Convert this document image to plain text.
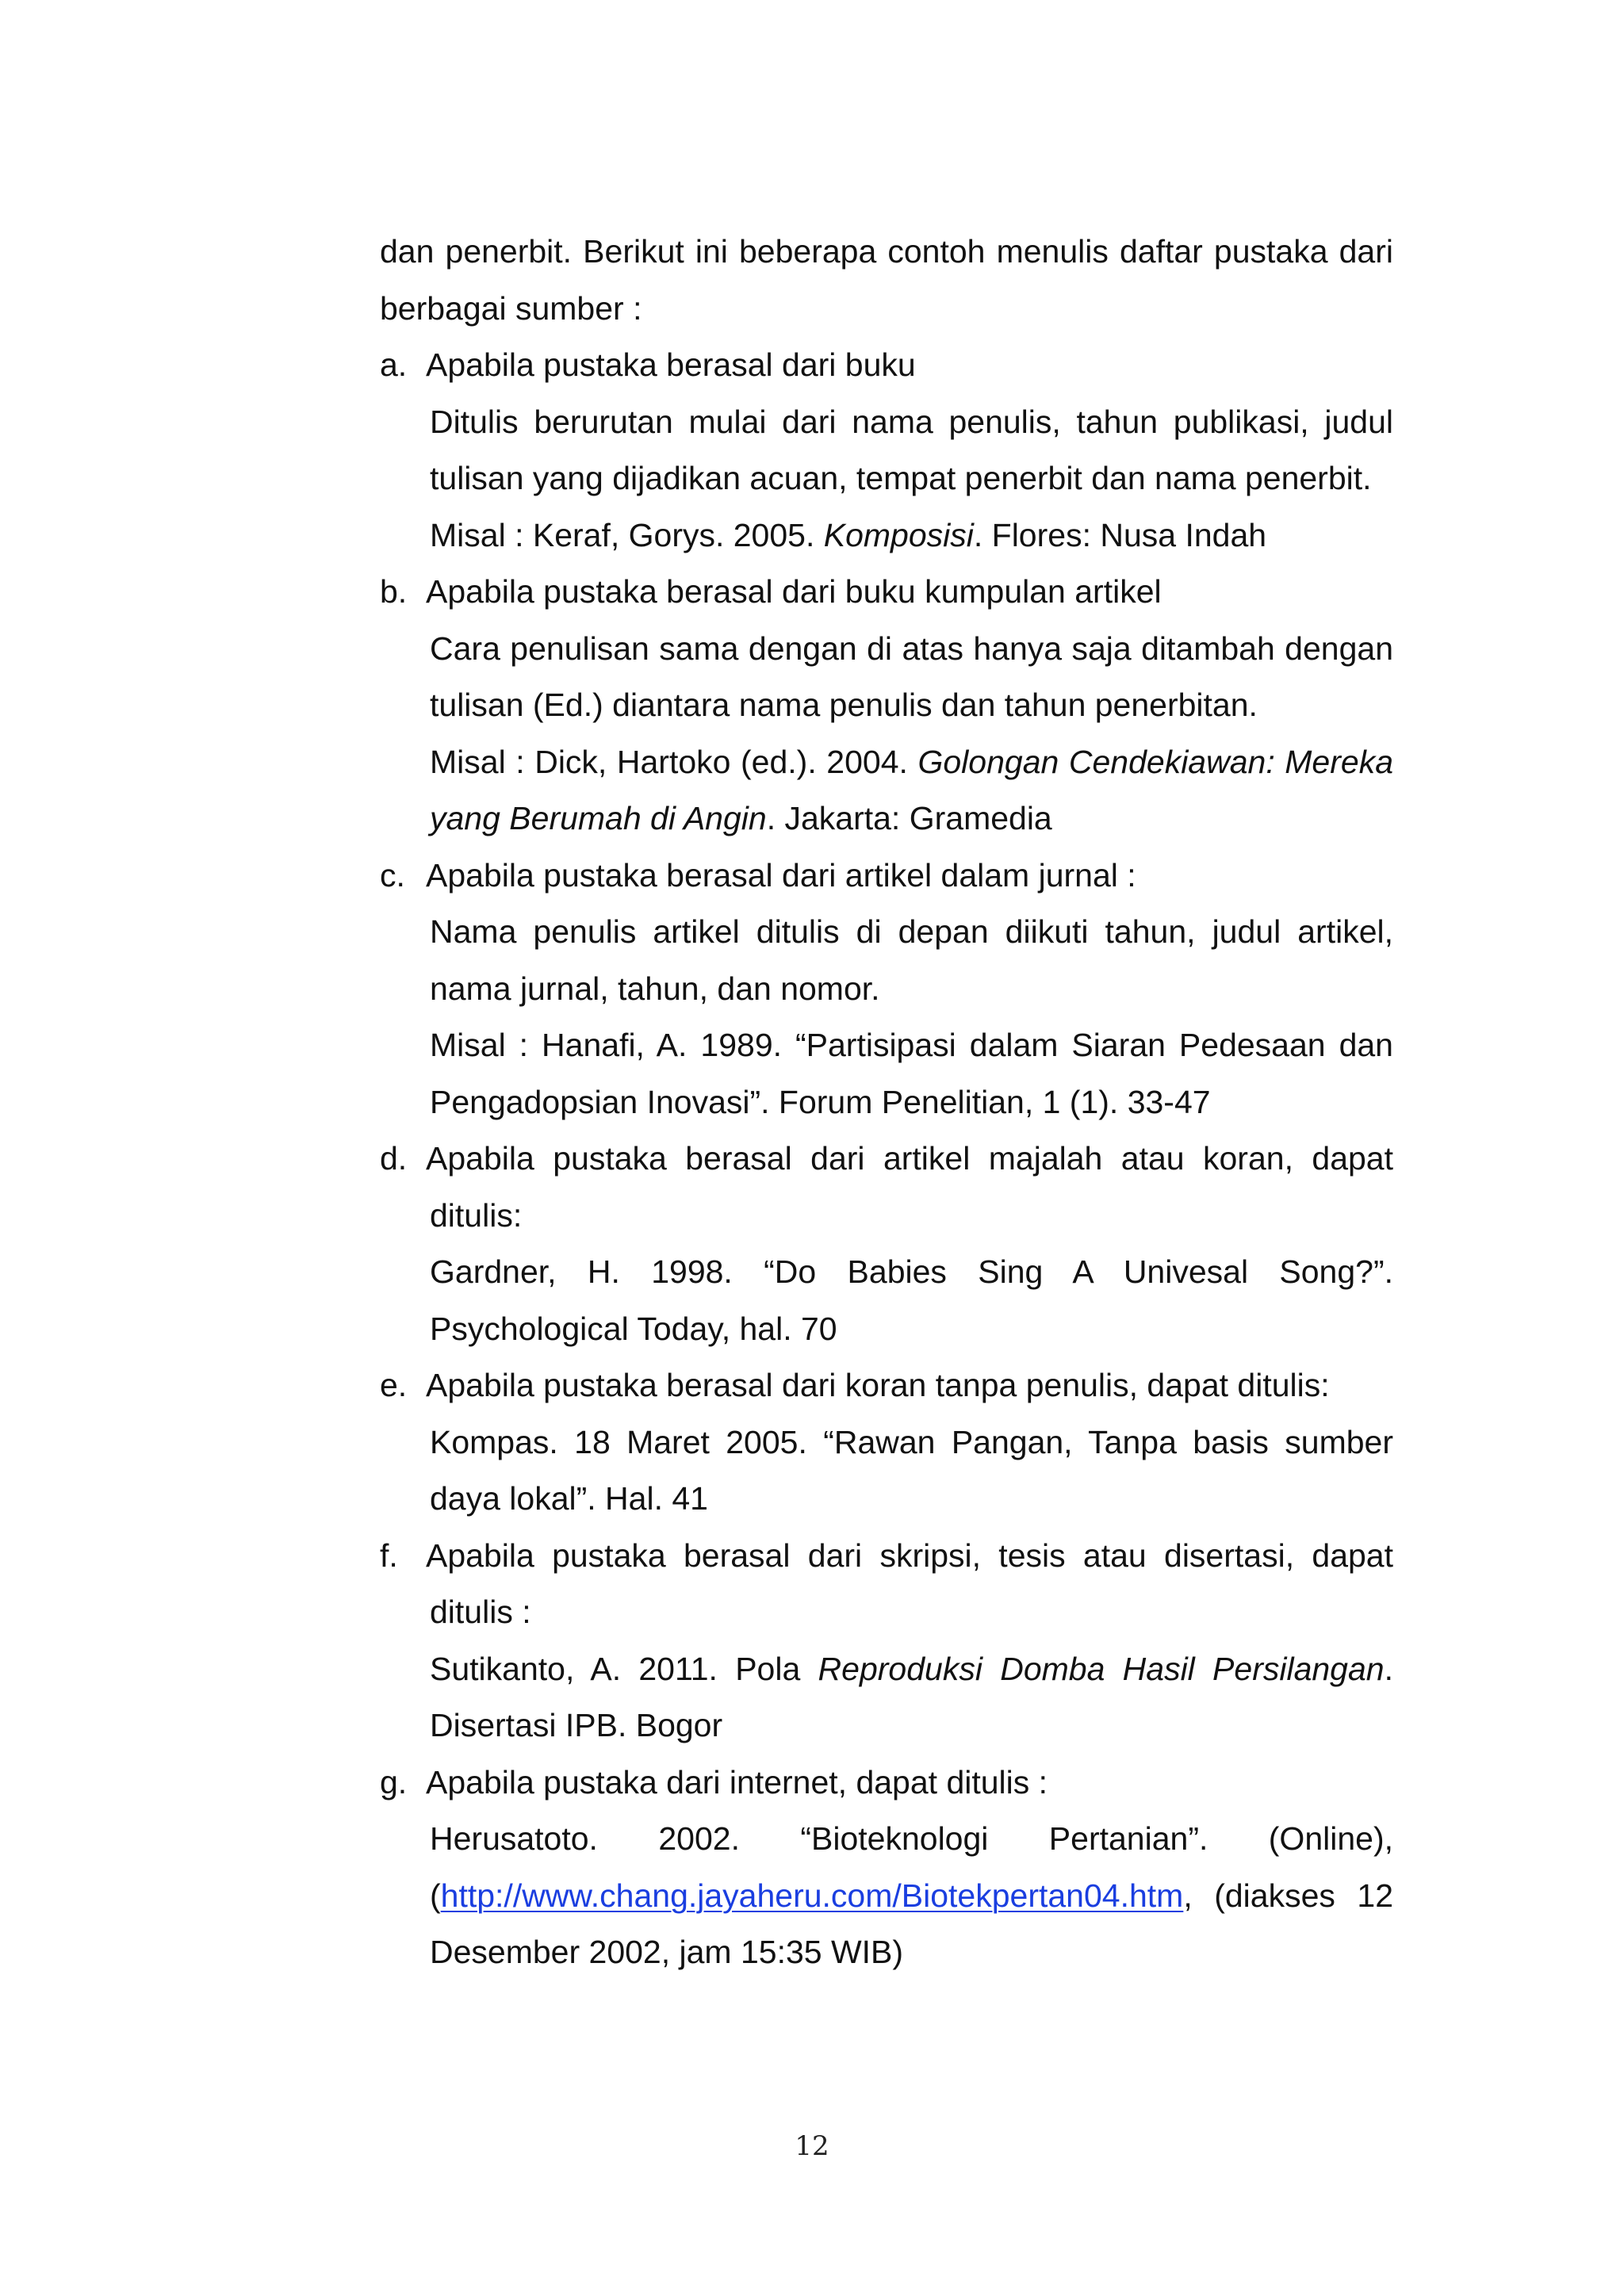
dan penerbit. Berikut ini beberapa contoh menulis daftar pustaka dari
berbagai sumber :
a. Apabila pustaka berasal dari buku
Ditulis berurutan mulai dari nama penulis, tahun publikasi, judul
tulisan yang dijadikan acuan, tempat penerbit dan nama penerbit.
Misal : Keraf, Gorys. 2005. Komposisi. Flores: Nusa Indah
b. Apabila pustaka berasal dari buku kumpulan artikel
Cara penulisan sama dengan di atas hanya saja ditambah dengan
tulisan (Ed.) diantara nama penulis dan tahun penerbitan.
Misal : Dick, Hartoko (ed.). 2004. Golongan Cendekiawan: Mereka
yang Berumah di Angin. Jakarta: Gramedia
c. Apabila pustaka berasal dari artikel dalam jurnal :
Nama penulis artikel ditulis di depan diikuti tahun, judul artikel,
nama jurnal, tahun, dan nomor.
Misal : Hanafi, A. 1989. “Partisipasi dalam Siaran Pedesaan dan
Pengadopsian Inovasi”. Forum Penelitian, 1 (1). 33-47
d. Apabila pustaka berasal dari artikel majalah atau koran, dapat
ditulis:
Gardner, H. 1998. “Do Babies Sing A Univesal Song?”.
Psychological Today, hal. 70
e. Apabila pustaka berasal dari koran tanpa penulis, dapat ditulis:
Kompas. 18 Maret 2005. “Rawan Pangan, Tanpa basis sumber
daya lokal”. Hal. 41
f. Apabila pustaka berasal dari skripsi, tesis atau disertasi, dapat
ditulis :
Sutikanto, A. 2011. Pola Reproduksi Domba Hasil Persilangan.
Disertasi IPB. Bogor
g. Apabila pustaka dari internet, dapat ditulis :
Herusatoto. 2002. “Bioteknologi Pertanian”. (Online),
(http://www.chang.jayaheru.com/Biotekpertan04.htm, (diakses 12
Desember 2002, jam 15:35 WIB)
12
